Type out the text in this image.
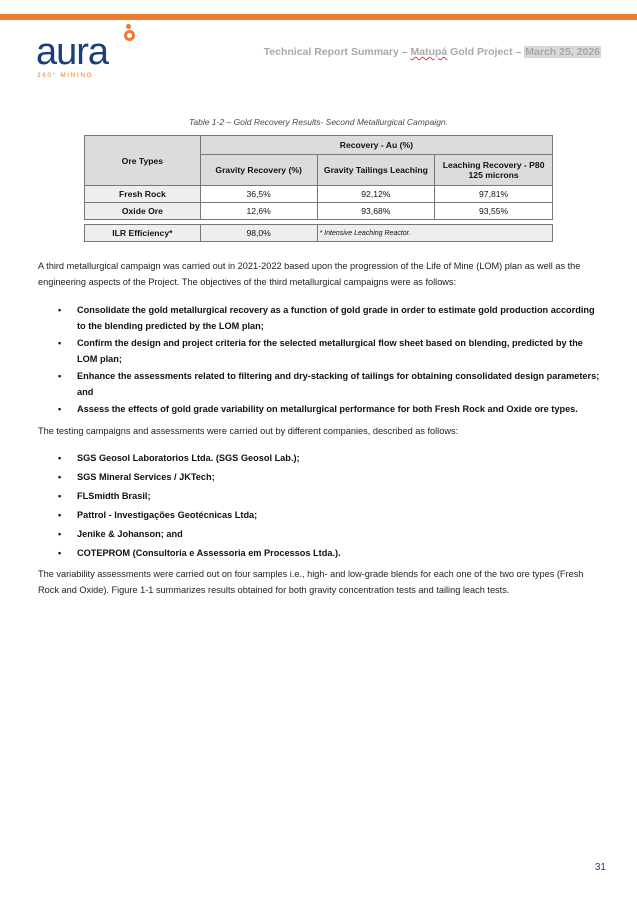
aura
360° MINING
Technical Report Summary – Matupá Gold Project – March 25, 2026
Table 1-2 – Gold Recovery Results- Second Metallurgical Campaign.
Ore Types	Recovery - Au (%)		
	Gravity Recovery (%)	Gravity Tailings Leaching	Leaching Recovery - P80 125 microns
Fresh Rock	36,5%	92,12%	97,81%
Oxide Ore	12,6%	93,68%	93,55%

ILR Efficiency*	98,0%	* Intensive Leaching Reactor.	
A third metallurgical campaign was carried out in 2021-2022 based upon the progression of the Life of Mine (LOM) plan as well as the engineering aspects of the Project. The objectives of the third metallurgical campaigns were as follows:
• Consolidate the gold metallurgical recovery as a function of gold grade in order to estimate gold production according to the blending predicted by the LOM plan;
• Confirm the design and project criteria for the selected metallurgical flow sheet based on blending, predicted by the LOM plan;
• Enhance the assessments related to filtering and dry-stacking of tailings for obtaining consolidated design parameters; and
• Assess the effects of gold grade variability on metallurgical performance for both Fresh Rock and Oxide ore types.
The testing campaigns and assessments were carried out by different companies, described as follows:
• SGS Geosol Laboratorios Ltda. (SGS Geosol Lab.);
• SGS Mineral Services / JKTech;
• FLSmidth Brasil;
• Pattrol - Investigações Geotécnicas Ltda;
• Jenike & Johanson; and
• COTEPROM (Consultoria e Assessoria em Processos Ltda.).
The variability assessments were carried out on four samples i.e., high- and low-grade blends for each one of the two ore types (Fresh Rock and Oxide). Figure 1-1 summarizes results obtained for both gravity concentration tests and tailing leach tests.
31
